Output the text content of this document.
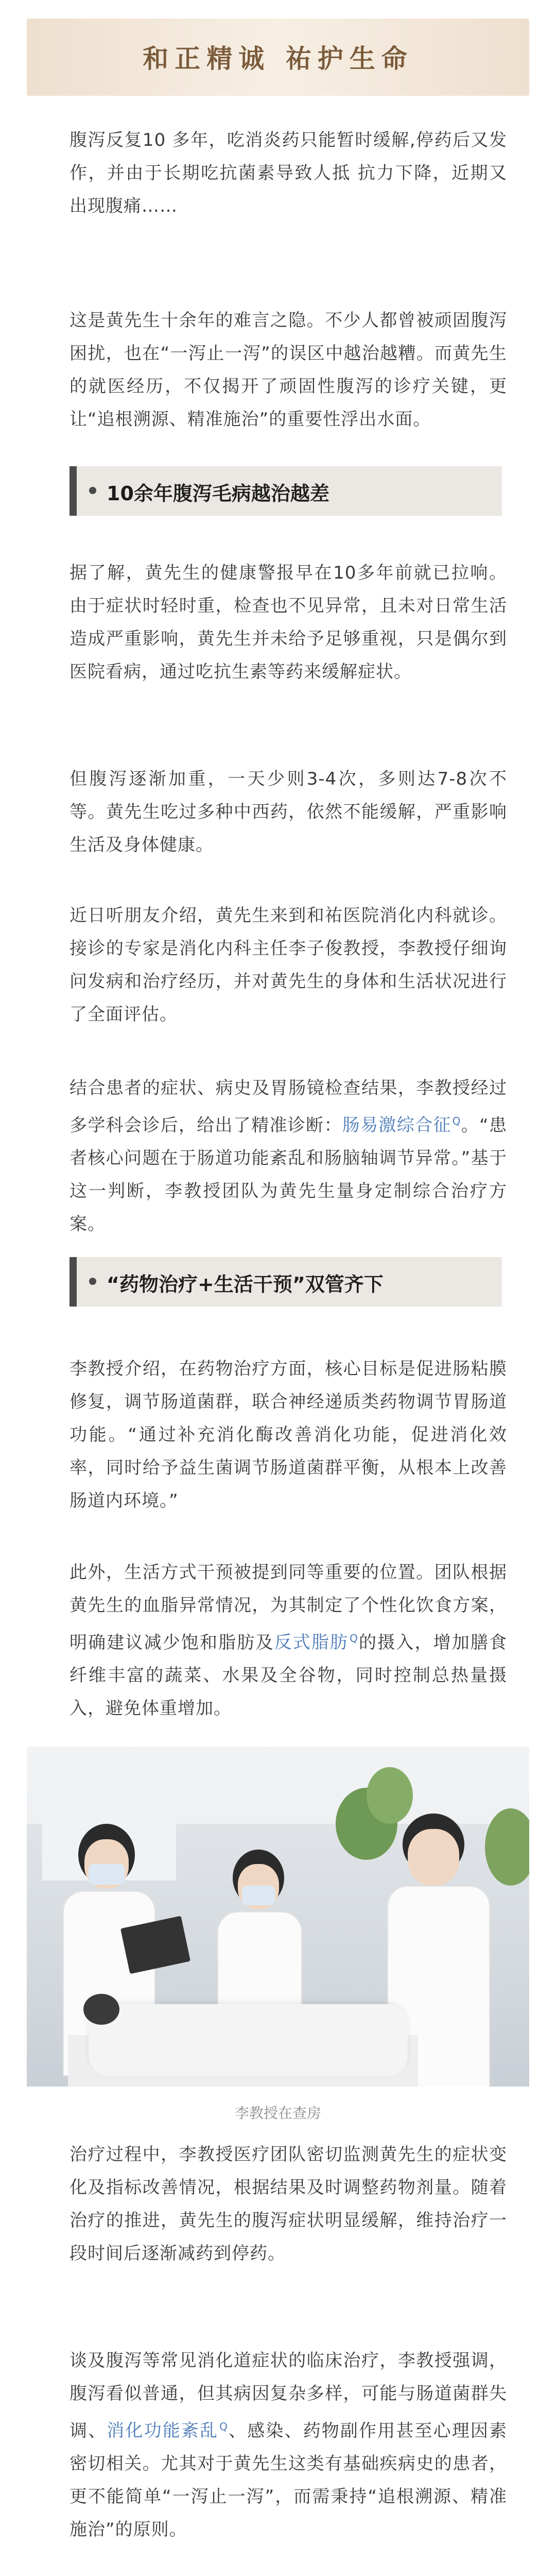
和正精诚 祐护生命
腹泻反复10 多年，吃消炎药只能暂时缓解,停药后又发作，并由于长期吃抗菌素导致人抵 抗力下降，近期又出现腹痛……
这是黄先生十余年的难言之隐。不少人都曾被顽固腹泻困扰，也在“一泻止一泻”的误区中越治越糟。而黄先生的就医经历，不仅揭开了顽固性腹泻的诊疗关键，更让“追根溯源、精准施治”的重要性浮出水面。
10余年腹泻毛病越治越差
据了解，黄先生的健康警报早在10多年前就已拉响。由于症状时轻时重，检查也不见异常，且未对日常生活造成严重影响，黄先生并未给予足够重视，只是偶尔到医院看病，通过吃抗生素等药来缓解症状。
但腹泻逐渐加重，一天少则3-4次，多则达7-8次不等。黄先生吃过多种中西药，依然不能缓解，严重影响生活及身体健康。
近日听朋友介绍，黄先生来到和祐医院消化内科就诊。接诊的专家是消化内科主任李子俊教授，李教授仔细询问发病和治疗经历，并对黄先生的身体和生活状况进行了全面评估。
结合患者的症状、病史及胃肠镜检查结果，李教授经过多学科会诊后，给出了精准诊断：肠易激综合征 $^Q$。“患者核心问题在于肠道功能紊乱和肠脑轴调节异常。”基于这一判断，李教授团队为黄先生量身定制综合治疗方案。
“药物治疗+生活干预”双管齐下
李教授介绍，在药物治疗方面，核心目标是促进肠粘膜修复，调节肠道菌群，联合神经递质类药物调节胃肠道功能。“通过补充消化酶改善消化功能，促进消化效率，同时给予益生菌调节肠道菌群平衡，从根本上改善肠道内环境。”
此外，生活方式干预被提到同等重要的位置。团队根据黄先生的血脂异常情况，为其制定了个性化饮食方案，明确建议减少饱和脂肪及反式脂肪 $^Q$的摄入，增加膳食纤维丰富的蔬菜、水果及全谷物，同时控制总热量摄入，避免体重增加。
李教授在查房
治疗过程中，李教授医疗团队密切监测黄先生的症状变化及指标改善情况，根据结果及时调整药物剂量。随着治疗的推进，黄先生的腹泻症状明显缓解，维持治疗一段时间后逐渐减药到停药。
谈及腹泻等常见消化道症状的临床治疗，李教授强调，腹泻看似普通，但其病因复杂多样，可能与肠道菌群失调、消化功能紊乱 $^Q$、感染、药物副作用甚至心理因素密切相关。尤其对于黄先生这类有基础疾病史的患者，更不能简单“一泻止一泻”，而需秉持“追根溯源、精准施治”的原则。
